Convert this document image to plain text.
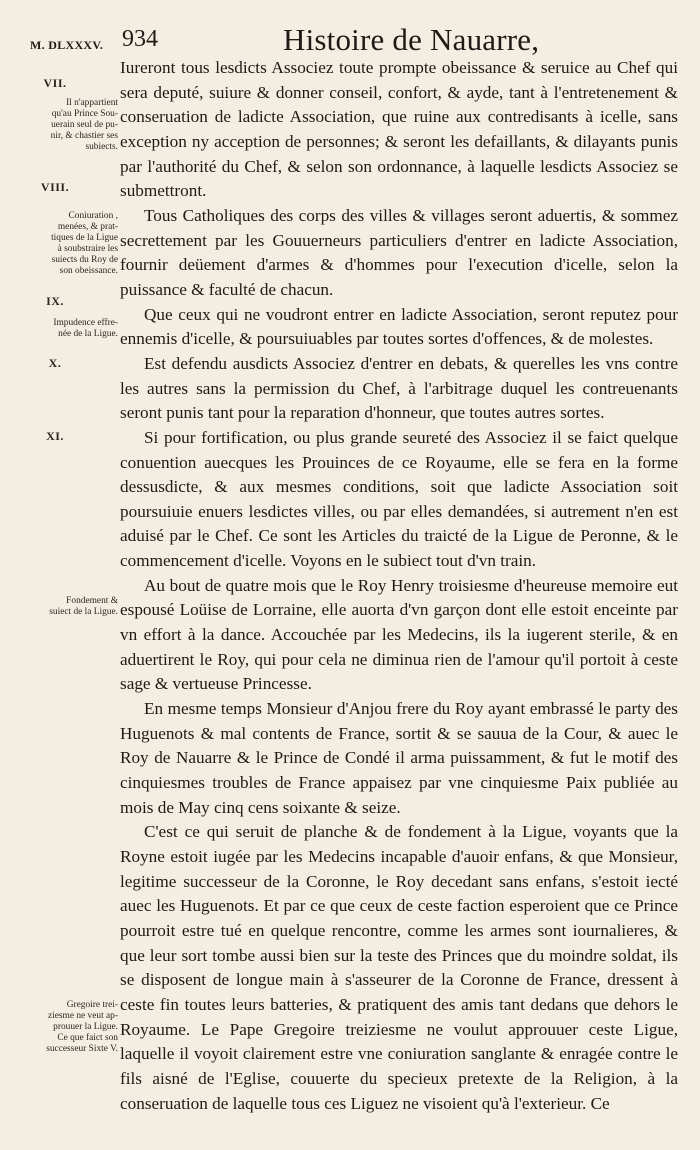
M. DLXXXV. 934	Histoire de Nauarre,
VII.
Il n'appartient
qu'au Prince Sou-
uerain seul de pu-
nir, & chastier ses
subiects.
VIII.
Coniuration ,
menées, & prat-
tiques de la Ligue
à soubstraire les
suiects du Roy de
son obeissance.
IX.
Impudence effre-
née de la Ligue.
X.
XI.
Fondement &
suiect de la Ligue.
Gregoire trei-
ziesme ne veut ap-
prouuer la Ligue.
Ce que faict son
successeur Sixte V.

Iureront tous lesdicts Associez toute prompte obeissance & seruice au Chef qui sera deputé, suiure & donner conseil, confort, & ayde, tant à l'entretenement & conseruation de ladicte Association, que ruine aux contredisants à icelle, sans exception ny acception de personnes; & seront les defaillants, & dilayants punis par l'authorité du Chef, & selon son ordonnance, à laquelle lesdicts Associez se submettront.

Tous Catholiques des corps des villes & villages seront aduertis, & sommez secrettement par les Gouuerneurs particuliers d'entrer en ladicte Association, fournir deüement d'armes & d'hommes pour l'execution d'icelle, selon la puissance & faculté de chacun.

Que ceux qui ne voudront entrer en ladicte Association, seront reputez pour ennemis d'icelle, & poursuiuables par toutes sortes d'offences, & de molestes.

Est defendu ausdicts Associez d'entrer en debats, & querelles les vns contre les autres sans la permission du Chef, à l'arbitrage duquel les contreuenants seront punis tant pour la reparation d'honneur, que toutes autres sortes.

Si pour fortification, ou plus grande seureté des Associez il se faict quelque conuention auecques les Prouinces de ce Royaume, elle se fera en la forme dessusdicte, & aux mesmes conditions, soit que ladicte Association soit poursuiuie enuers lesdictes villes, ou par elles demandées, si autrement n'en est aduisé par le Chef. Ce sont les Articles du traicté de la Ligue de Peronne, & le commencement d'icelle. Voyons en le subiect tout d'vn train.

Au bout de quatre mois que le Roy Henry troisiesme d'heureuse memoire eut espousé Loüise de Lorraine, elle auorta d'vn garçon dont elle estoit enceinte par vn effort à la dance. Accouchée par les Medecins, ils la iugerent sterile, & en aduertirent le Roy, qui pour cela ne diminua rien de l'amour qu'il portoit à ceste sage & vertueuse Princesse.

En mesme temps Monsieur d'Anjou frere du Roy ayant embrassé le party des Huguenots & mal contents de France, sortit & se sauua de la Cour, & auec le Roy de Nauarre & le Prince de Condé il arma puissamment, & fut le motif des cinquiesmes troubles de France appaisez par vne cinquiesme Paix publiée au mois de May cinq cens soixante & seize.

C'est ce qui seruit de planche & de fondement à la Ligue, voyants que la Royne estoit iugée par les Medecins incapable d'auoir enfans, & que Monsieur, legitime successeur de la Coronne, le Roy decedant sans enfans, s'estoit iecté auec les Huguenots. Et par ce que ceux de ceste faction esperoient que ce Prince pourroit estre tué en quelque rencontre, comme les armes sont iournalieres, & que leur sort tombe aussi bien sur la teste des Princes que du moindre soldat, ils se disposent de longue main à s'asseurer de la Coronne de France, dressent à ceste fin toutes leurs batteries, & pratiquent des amis tant dedans que dehors le Royaume. Le Pape Gregoire treiziesme ne voulut approuuer ceste Ligue, laquelle il voyoit clairement estre vne coniuration sanglante & enragée contre le fils aisné de l'Eglise, couuerte du specieux pretexte de la Religion, à la conseruation de laquelle tous ces Liguez ne visoient qu'à l'exterieur. Ce
